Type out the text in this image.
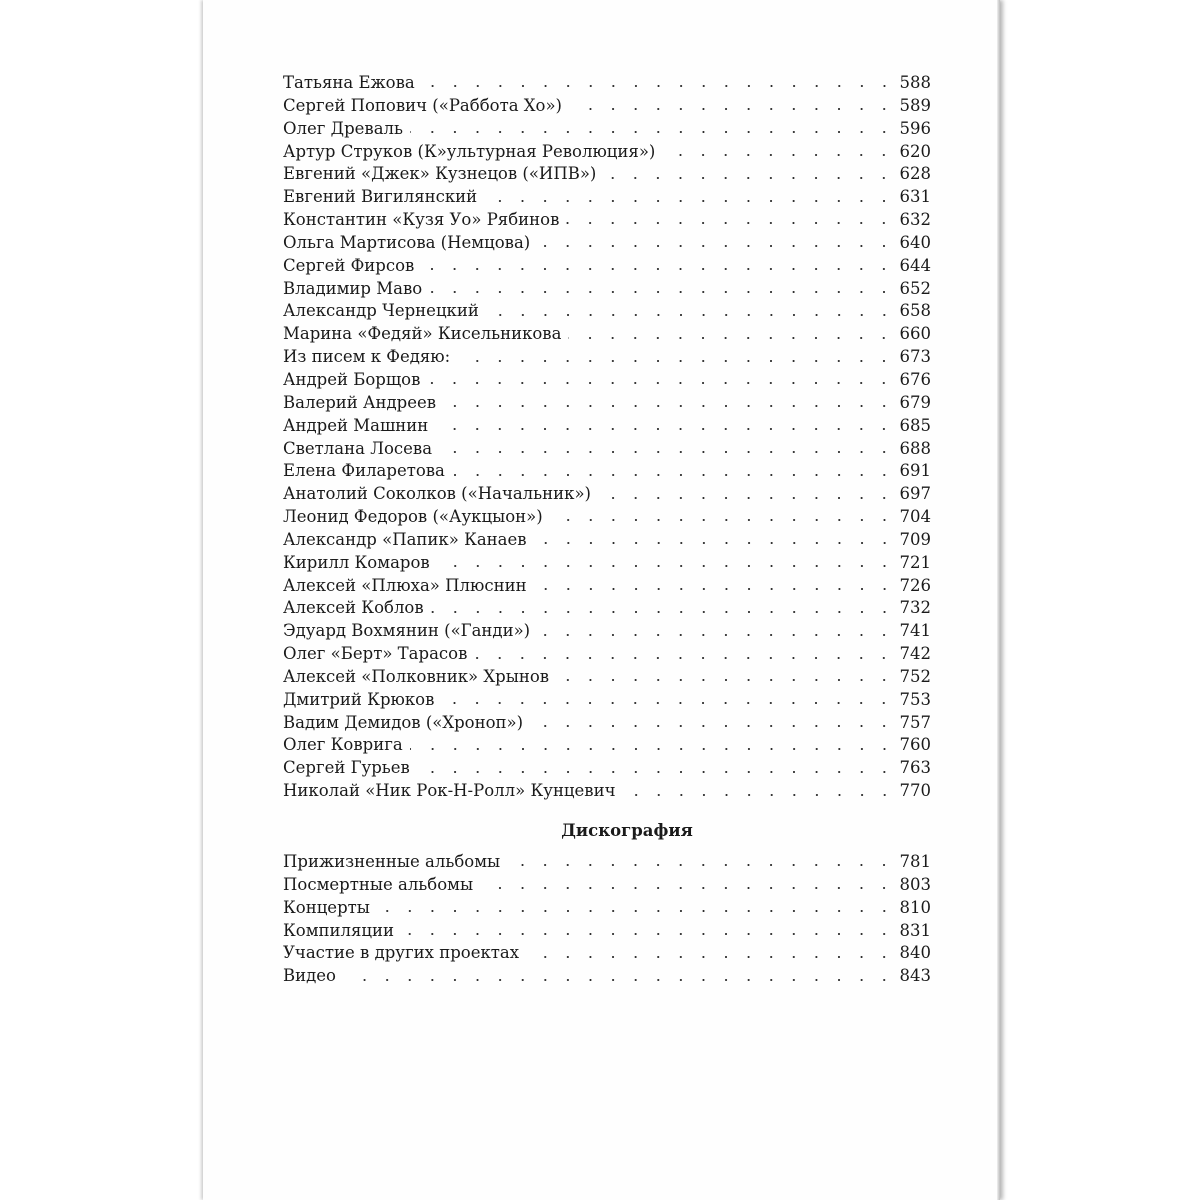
Татьяна Ежова	588
Сергей Попович («Раббота Хо»)	589
Олег Древаль	596
Артур Струков (К»ультурная Революция»)	620
Евгений «Джек» Кузнецов («ИПВ»)	628
Евгений Вигилянский	631
Константин «Кузя Уо» Рябинов	632
Ольга Мартисова (Немцова)	640
Сергей Фирсов	644
Владимир Маво	652
Александр Чернецкий	658
Марина «Федяй» Кисельникова	660
Из писем к Федяю:	673
Андрей Борщов	676
Валерий Андреев	679
Андрей Машнин	685
Светлана Лосева	688
Елена Филаретова	691
Анатолий Соколков («Начальник»)	697
Леонид Федоров («Аукцыон»)	704
Александр «Папик» Канаев	709
Кирилл Комаров	721
Алексей «Плюха» Плюснин	726
Алексей Коблов	732
Эдуард Вохмянин («Ганди»)	741
Олег «Берт» Тарасов	742
Алексей «Полковник» Хрынов	752
Дмитрий Крюков	753
Вадим Демидов («Хроноп»)	757
Олег Коврига	760
Сергей Гурьев	763
Николай «Ник Рок-Н-Ролл» Кунцевич	770
Дискография
Прижизненные альбомы	781
Посмертные альбомы	803
Концерты	810
Компиляции	831
Участие в других проектах	840
Видео	843
